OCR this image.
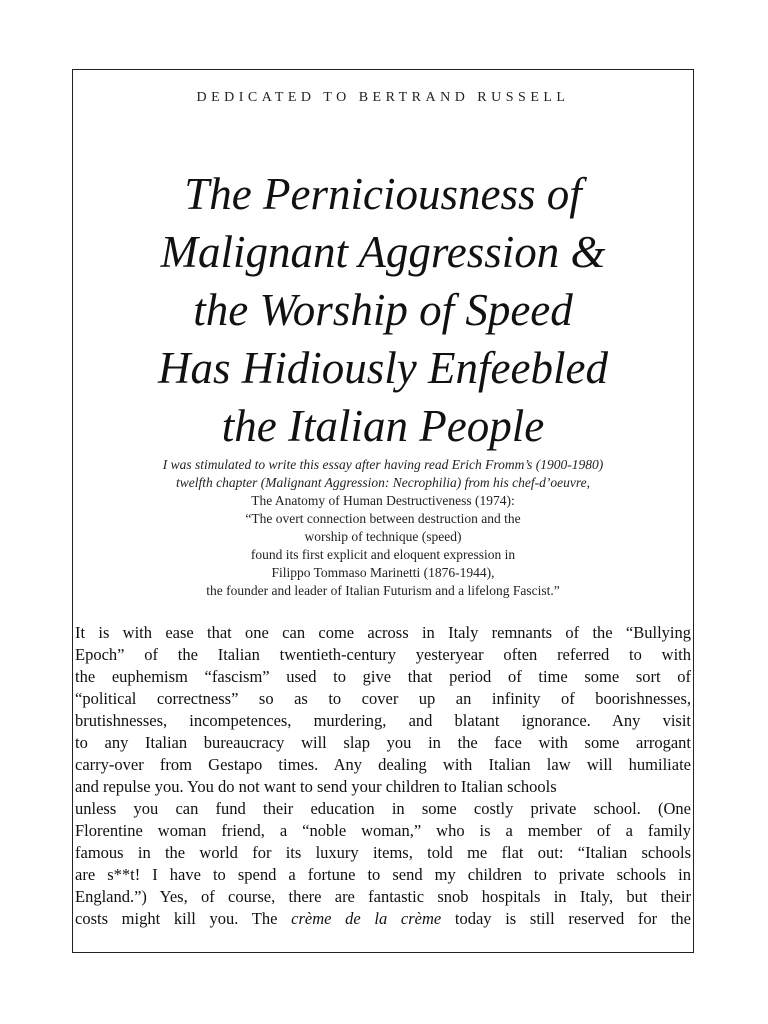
DEDICATED TO BERTRAND RUSSELL
The Perniciousness of
Malignant Aggression &
the Worship of Speed
Has Hidiously Enfeebled
the Italian People
I was stimulated to write this essay after having read Erich Fromm’s (1900-1980)
twelfth chapter (Malignant Aggression: Necrophilia) from his chef-d’oeuvre,
The Anatomy of Human Destructiveness (1974):
“The overt connection between destruction and the
worship of technique (speed)
found its first explicit and eloquent expression in
Filippo Tommaso Marinetti (1876-1944),
the founder and leader of Italian Futurism and a lifelong Fascist.”
It is with ease that one can come across in Italy remnants of the “Bullying
Epoch” of the Italian twentieth-century yesteryear often referred to with
the euphemism “fascism” used to give that period of time some sort of
“political correctness” so as to cover up an infinity of boorishnesses,
brutishnesses, incompetences, murdering, and blatant ignorance. Any visit
to any Italian bureaucracy will slap you in the face with some arrogant
carry-over from Gestapo times. Any dealing with Italian law will humiliate
and repulse you. You do not want to send your children to Italian schools
unless you can fund their education in some costly private school. (One
Florentine woman friend, a “noble woman,” who is a member of a family
famous in the world for its luxury items, told me flat out: “Italian schools
are s**t! I have to spend a fortune to send my children to private schools in
England.”) Yes, of course, there are fantastic snob hospitals in Italy, but their
costs might kill you. The crème de la crème today is still reserved for the
